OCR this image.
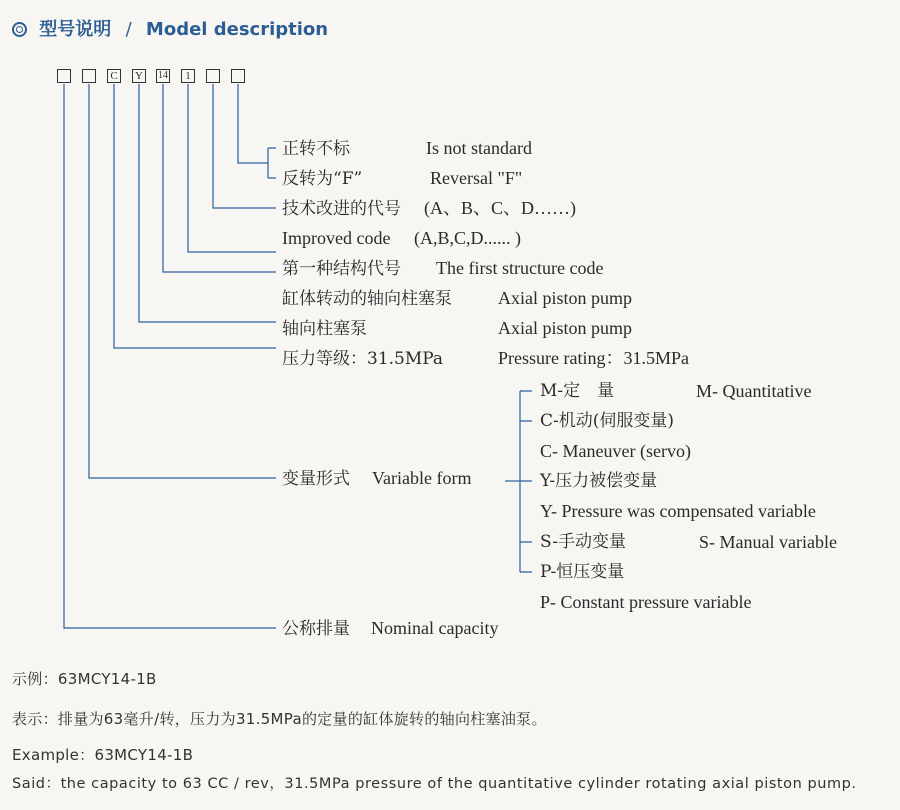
型号说明 / Model description
C	Y	14	1
正转不标	Is not standard
反转为“F”	Reversal "F"
技术改进的代号 (A、B、C、D……)
Improved code (A,B,C,D...... )
第一种结构代号 The first structure code
缸体转动的轴向柱塞泵	Axial piston pump
轴向柱塞泵	Axial piston pump
压力等级：31.5MPa	Pressure rating：31.5MPa
变量形式 Variable form
公称排量 Nominal capacity
M-定　量	M- Quantitative
C-机动(伺服变量)
C- Maneuver (servo)
Y-压力被偿变量
Y- Pressure was compensated variable
S-手动变量	S- Manual variable
P-恒压变量
P- Constant pressure variable
示例：63MCY14-1B
表示：排量为63毫升/转，压力为31.5MPa的定量的缸体旋转的轴向柱塞油泵。
Example：63MCY14-1B
Said：the capacity to 63 CC / rev，31.5MPa pressure of the quantitative cylinder rotating axial piston pump.
